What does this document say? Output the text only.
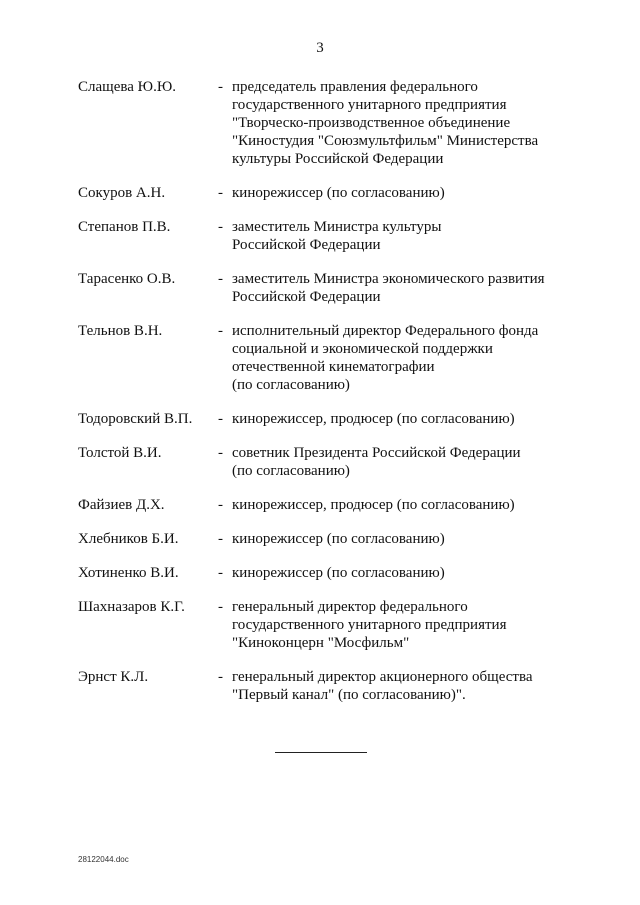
3
Слащева Ю.Ю.	- председатель правления федерального
государственного унитарного предприятия
"Творческо-производственное объединение
"Киностудия "Союзмультфильм" Министерства
культуры Российской Федерации
Сокуров А.Н.	- кинорежиссер (по согласованию)
Степанов П.В.	- заместитель Министра культуры
Российской Федерации
Тарасенко О.В.	- заместитель Министра экономического развития
Российской Федерации
Тельнов В.Н.	- исполнительный директор Федерального фонда
социальной и экономической поддержки
отечественной кинематографии
(по согласованию)
Тодоровский В.П.	- кинорежиссер, продюсер (по согласованию)
Толстой В.И.	- советник Президента Российской Федерации
(по согласованию)
Файзиев Д.Х.	- кинорежиссер, продюсер (по согласованию)
Хлебников Б.И.	- кинорежиссер (по согласованию)
Хотиненко В.И.	- кинорежиссер (по согласованию)
Шахназаров К.Г.	- генеральный директор федерального
государственного унитарного предприятия
"Киноконцерн "Мосфильм"
Эрнст К.Л.	- генеральный директор акционерного общества
"Первый канал" (по согласованию)".
28122044.doc
